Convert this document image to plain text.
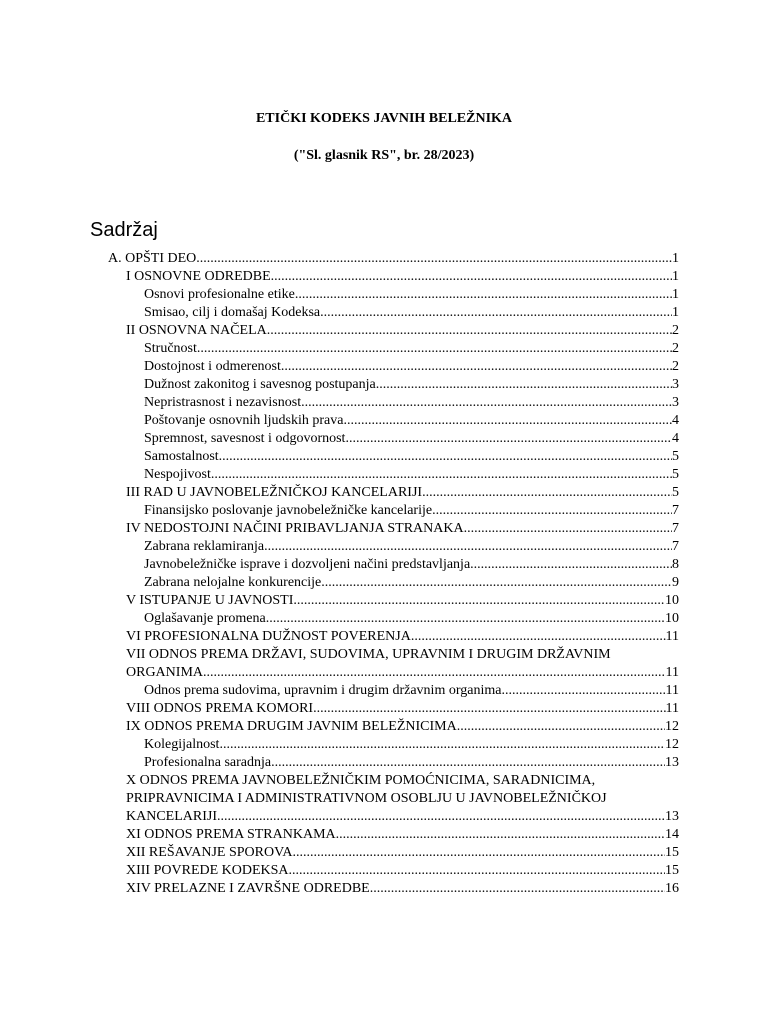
ETIČKI KODEKS JAVNIH BELEŽNIKA

("Sl. glasnik RS", br. 28/2023)

Sadržaj
A. OPŠTI DEO .....	1
I OSNOVNE ODREDBE .....	1
Osnovi profesionalne etike .....	1
Smisao, cilj i domašaj Kodeksa .....	1
II OSNOVNA NAČELA .....	2
Stručnost .....	2
Dostojnost i odmerenost .....	2
Dužnost zakonitog i savesnog postupanja .....	3
Nepristrasnost i nezavisnost .....	3
Poštovanje osnovnih ljudskih prava .....	4
Spremnost, savesnost i odgovornost .....	4
Samostalnost .....	5
Nespojivost .....	5
III RAD U JAVNOBELEŽNIČKOJ KANCELARIJI .....	5
Finansijsko poslovanje javnobeležničke kancelarije .....	7
IV NEDOSTOJNI NAČINI PRIBAVLJANJA STRANAKA .....	7
Zabrana reklamiranja .....	7
Javnobeležničke isprave i dozvoljeni načini predstavljanja .....	8
Zabrana nelojalne konkurencije .....	9
V ISTUPANJE U JAVNOSTI .....	10
Oglašavanje promena .....	10
VI PROFESIONALNA DUŽNOST POVERENJA .....	11
VII ODNOS PREMA DRŽAVI, SUDOVIMA, UPRAVNIM I DRUGIM DRŽAVNIM
ORGANIMA .....	11
Odnos prema sudovima, upravnim i drugim državnim organima .....	11
VIII ODNOS PREMA KOMORI .....	11
IX ODNOS PREMA DRUGIM JAVNIM BELEŽNICIMA .....	12
Kolegijalnost .....	12
Profesionalna saradnja .....	13
X ODNOS PREMA JAVNOBELEŽNIČKIM POMOĆNICIMA, SARADNICIMA, PRIPRAVNICIMA I ADMINISTRATIVNOM OSOBLJU U JAVNOBELEŽNIČKOJ
KANCELARIJI .....	13
XI ODNOS PREMA STRANKAMA .....	14
XII REŠAVANJE SPOROVA .....	15
XIII POVREDE KODEKSA .....	15
XIV PRELAZNE I ZAVRŠNE ODREDBE .....	16
